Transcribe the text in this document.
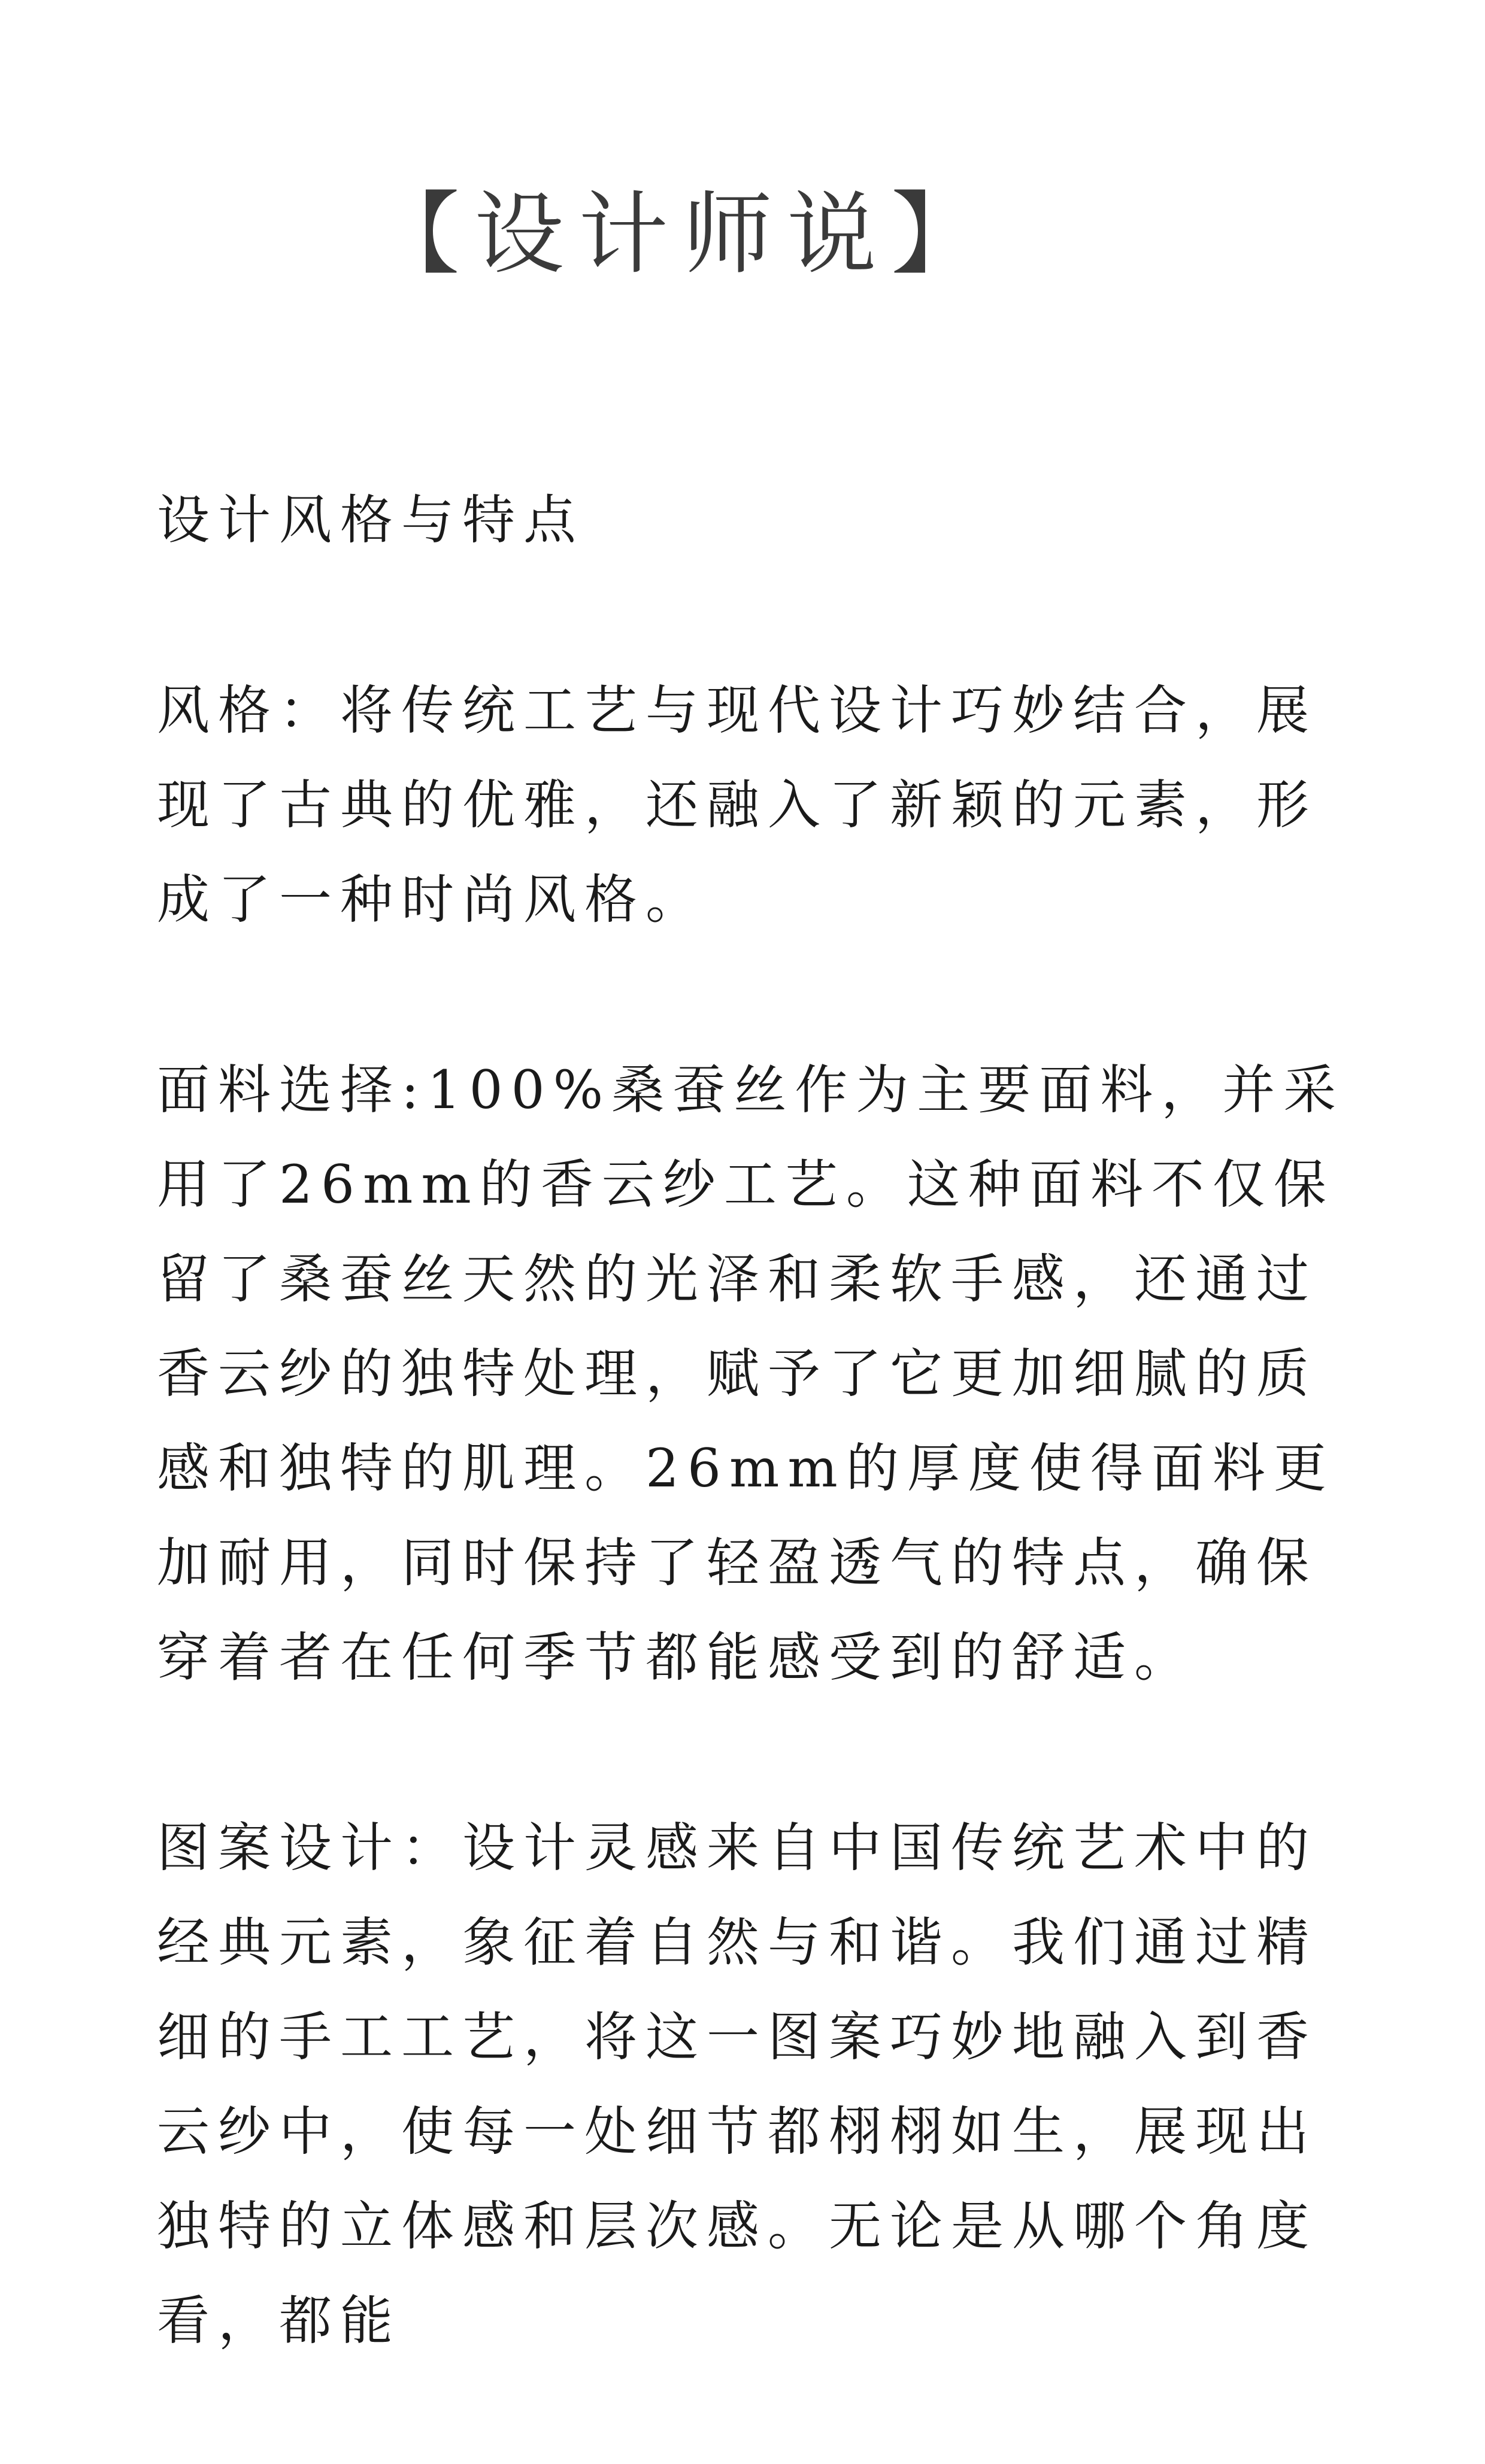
【设计师说】
设计风格与特点

风格：将传统工艺与现代设计巧妙结合，展现了古典的优雅，还融入了新颖的元素，形成了一种时尚风格。

面料选择:100%桑蚕丝作为主要面料，并采用了26mm的香云纱工艺。这种面料不仅保留了桑蚕丝天然的光泽和柔软手感，还通过香云纱的独特处理，赋予了它更加细腻的质感和独特的肌理。26mm的厚度使得面料更加耐用，同时保持了轻盈透气的特点，确保穿着者在任何季节都能感受到的舒适。

图案设计：设计灵感来自中国传统艺术中的经典元素，象征着自然与和谐。我们通过精细的手工工艺，将这一图案巧妙地融入到香云纱中，使每一处细节都栩栩如生，展现出独特的立体感和层次感。无论是从哪个角度看，都能
